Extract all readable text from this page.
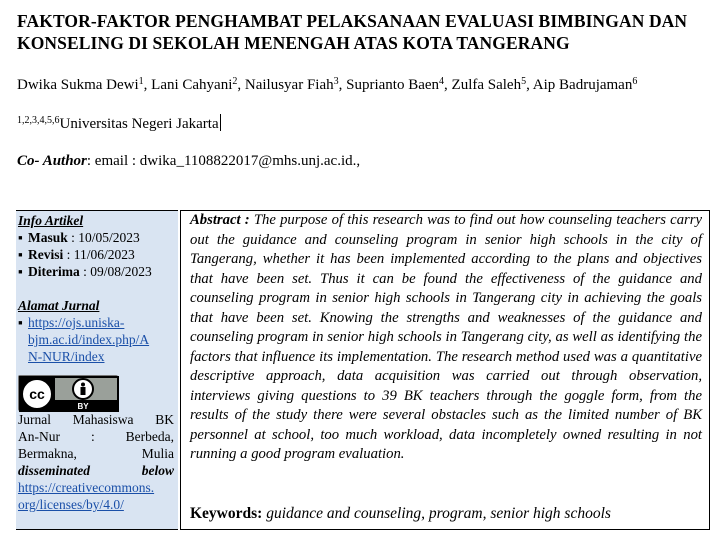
FAKTOR-FAKTOR PENGHAMBAT PELAKSANAAN EVALUASI BIMBINGAN DAN KONSELING DI SEKOLAH MENENGAH ATAS KOTA TANGERANG
Dwika Sukma Dewi$^1$, Lani Cahyani$^2$, Nailusyar Fiah$^3$, Suprianto Baen$^4$, Zulfa Saleh$^5$, Aip Badrujaman$^6$
$^{1,2,3,4,5,6}$Universitas Negeri Jakarta
Co- Author: email : dwika_1108822017@mhs.unj.ac.id.,
Info Artikel
▪ Masuk : 10/05/2023
▪ Revisi : 11/06/2023
▪ Diterima : 09/08/2023
Alamat Jurnal
▪ https://ojs.uniska-
bjm.ac.id/index.php/A
N-NUR/index
cc
BY
Jurnal Mahasiswa BK
An-Nur : Berbeda,
Bermakna, Mulia
disseminated below
https://creativecommons.
org/licenses/by/4.0/
Abstract : The purpose of this research was to find out how counseling teachers carry out the guidance and counseling program in senior high schools in the city of Tangerang, whether it has been implemented according to the plans and objectives that have been set. Thus it can be found the effectiveness of the guidance and counseling program in senior high schools in Tangerang city in achieving the goals that have been set. Knowing the strengths and weaknesses of the guidance and counseling program in senior high schools in Tangerang city, as well as identifying the factors that influence its implementation. The research method used was a quantitative descriptive approach, data acquisition was carried out through observation, interviews giving questions to 39 BK teachers through the goggle form, from the results of the study there were several obstacles such as the limited number of BK personnel at school, too much workload, data incompletely owned resulting in not running a good program evaluation.
Keywords: guidance and counseling, program, senior high schools
